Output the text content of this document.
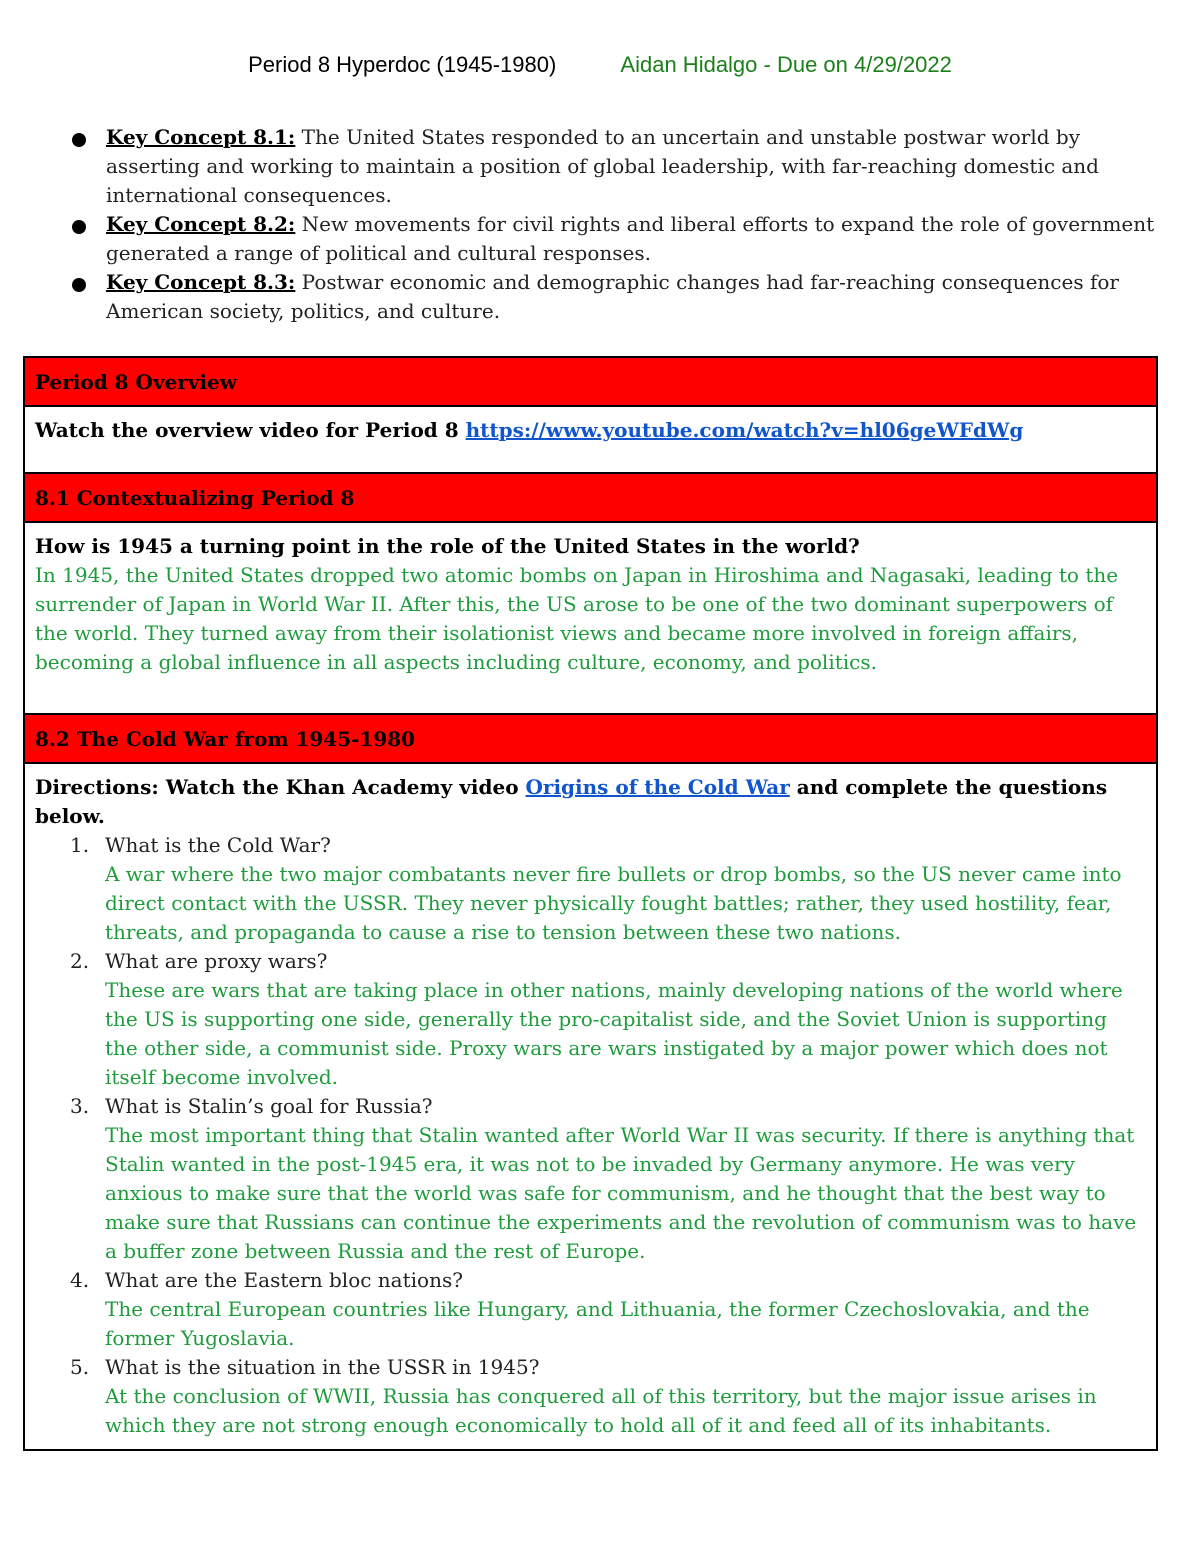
Period 8 Hyperdoc (1945-1980)	Aidan Hidalgo - Due on 4/29/2022
Key Concept 8.1: The United States responded to an uncertain and unstable postwar world by asserting and working to maintain a position of global leadership, with far-reaching domestic and international consequences.
Key Concept 8.2: New movements for civil rights and liberal efforts to expand the role of government generated a range of political and cultural responses.
Key Concept 8.3: Postwar economic and demographic changes had far-reaching consequences for American society, politics, and culture.
Period 8 Overview
Watch the overview video for Period 8 https://www.youtube.com/watch?v=hl06geWFdWg
8.1 Contextualizing Period 8
How is 1945 a turning point in the role of the United States in the world?
In 1945, the United States dropped two atomic bombs on Japan in Hiroshima and Nagasaki, leading to the surrender of Japan in World War II. After this, the US arose to be one of the two dominant superpowers of the world. They turned away from their isolationist views and became more involved in foreign affairs, becoming a global influence in all aspects including culture, economy, and politics.
8.2 The Cold War from 1945-1980
Directions: Watch the Khan Academy video Origins of the Cold War and complete the questions below.
1. What is the Cold War?
A war where the two major combatants never fire bullets or drop bombs, so the US never came into direct contact with the USSR. They never physically fought battles; rather, they used hostility, fear, threats, and propaganda to cause a rise to tension between these two nations.
2. What are proxy wars?
These are wars that are taking place in other nations, mainly developing nations of the world where the US is supporting one side, generally the pro-capitalist side, and the Soviet Union is supporting the other side, a communist side. Proxy wars are wars instigated by a major power which does not itself become involved.
3. What is Stalin’s goal for Russia?
The most important thing that Stalin wanted after World War II was security. If there is anything that Stalin wanted in the post-1945 era, it was not to be invaded by Germany anymore. He was very anxious to make sure that the world was safe for communism, and he thought that the best way to make sure that Russians can continue the experiments and the revolution of communism was to have a buffer zone between Russia and the rest of Europe.
4. What are the Eastern bloc nations?
The central European countries like Hungary, and Lithuania, the former Czechoslovakia, and the former Yugoslavia.
5. What is the situation in the USSR in 1945?
At the conclusion of WWII, Russia has conquered all of this territory, but the major issue arises in which they are not strong enough economically to hold all of it and feed all of its inhabitants.
